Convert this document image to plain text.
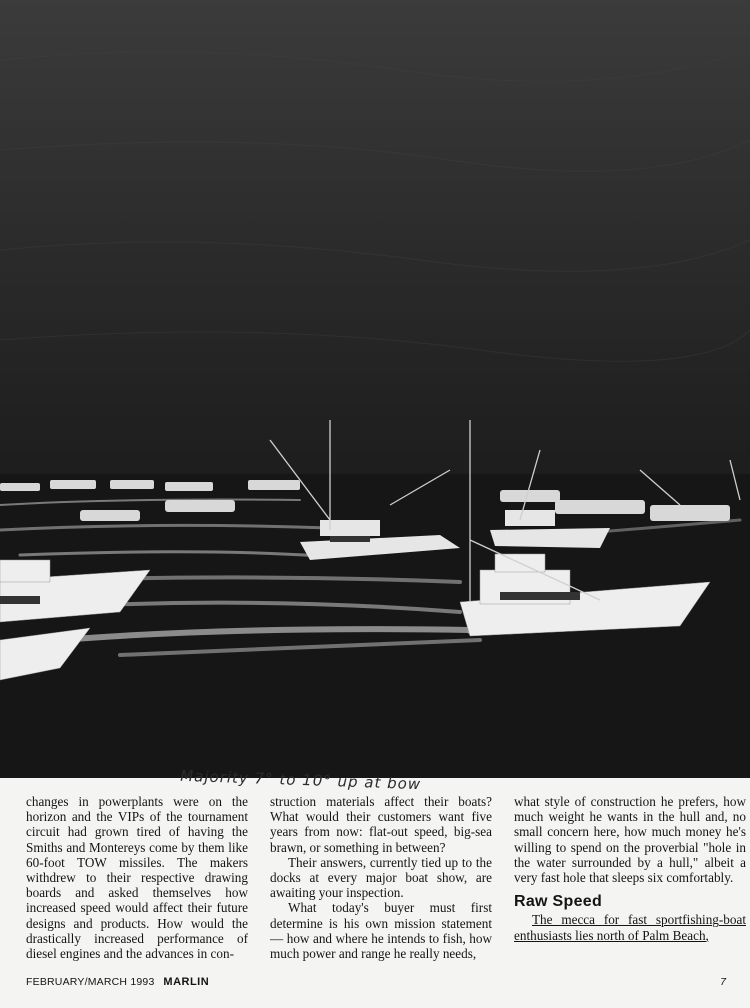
Majority 7° to 10° up at bow

changes in powerplants were on the horizon and the VIPs of the tournament circuit had grown tired of having the Smiths and Montereys come by them like 60-foot TOW missiles. The makers withdrew to their respective drawing boards and asked themselves how increased speed would affect their future designs and products. How would the drastically increased performance of diesel engines and the advances in con-

struction materials affect their boats? What would their customers want five years from now: flat-out speed, big-sea brawn, or something in between?

Their answers, currently tied up to the docks at every major boat show, are awaiting your inspection.

What today's buyer must first determine is his own mission statement — how and where he intends to fish, how much power and range he really needs,

what style of construction he prefers, how much weight he wants in the hull and, no small concern here, how much money he's willing to spend on the proverbial "hole in the water surrounded by a hull," albeit a very fast hole that sleeps six comfortably.

Raw Speed

The mecca for fast sportfishing-boat enthusiasts lies north of Palm Beach,

FEBRUARY/MARCH 1993 MARLIN	7
